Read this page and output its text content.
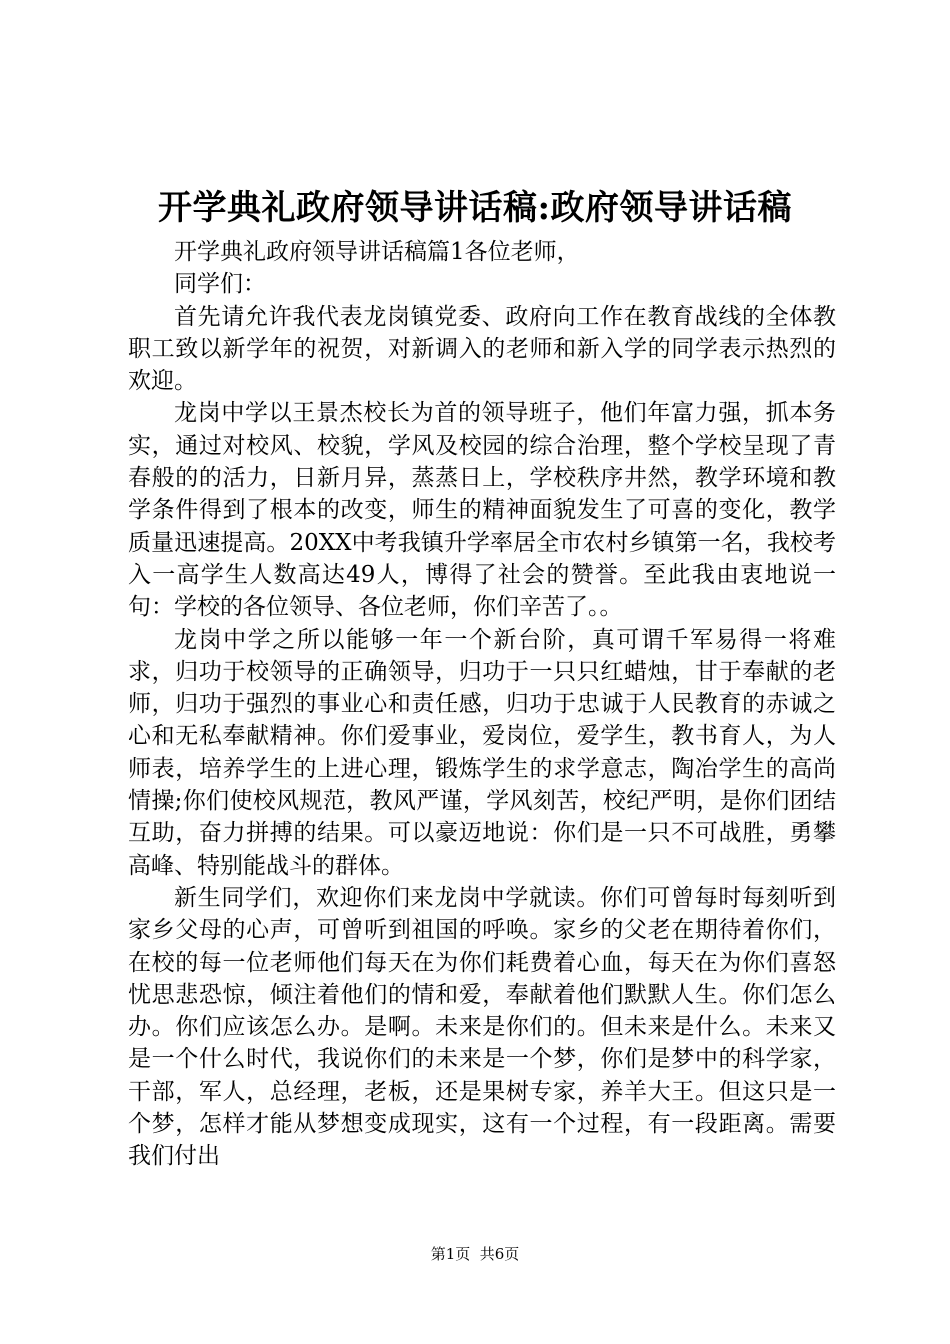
开学典礼政府领导讲话稿:政府领导讲话稿

开学典礼政府领导讲话稿篇1各位老师，

同学们：

首先请允许我代表龙岗镇党委、政府向工作在教育战线的全体教职工致以新学年的祝贺，对新调入的老师和新入学的同学表示热烈的欢迎。

龙岗中学以王景杰校长为首的领导班子，他们年富力强，抓本务实，通过对校风、校貌，学风及校园的综合治理，整个学校呈现了青春般的的活力，日新月异，蒸蒸日上，学校秩序井然，教学环境和教学条件得到了根本的改变，师生的精神面貌发生了可喜的变化，教学质量迅速提高。20XX中考我镇升学率居全市农村乡镇第一名，我校考入一高学生人数高达49人，博得了社会的赞誉。至此我由衷地说一句：学校的各位领导、各位老师，你们辛苦了。。

龙岗中学之所以能够一年一个新台阶，真可谓千军易得一将难求，归功于校领导的正确领导，归功于一只只红蜡烛，甘于奉献的老师，归功于强烈的事业心和责任感，归功于忠诚于人民教育的赤诚之心和无私奉献精神。你们爱事业，爱岗位，爱学生，教书育人，为人师表，培养学生的上进心理，锻炼学生的求学意志，陶冶学生的高尚情操;你们使校风规范，教风严谨，学风刻苦，校纪严明，是你们团结互助，奋力拼搏的结果。可以豪迈地说：你们是一只不可战胜，勇攀高峰、特别能战斗的群体。

新生同学们，欢迎你们来龙岗中学就读。你们可曾每时每刻听到家乡父母的心声，可曾听到祖国的呼唤。家乡的父老在期待着你们，在校的每一位老师他们每天在为你们耗费着心血，每天在为你们喜怒忧思悲恐惊，倾注着他们的情和爱，奉献着他们默默人生。你们怎么办。你们应该怎么办。是啊。未来是你们的。但未来是什么。未来又是一个什么时代，我说你们的未来是一个梦，你们是梦中的科学家，干部，军人，总经理，老板，还是果树专家，养羊大王。但这只是一个梦，怎样才能从梦想变成现实，这有一个过程，有一段距离。需要我们付出

第1页  共6页
